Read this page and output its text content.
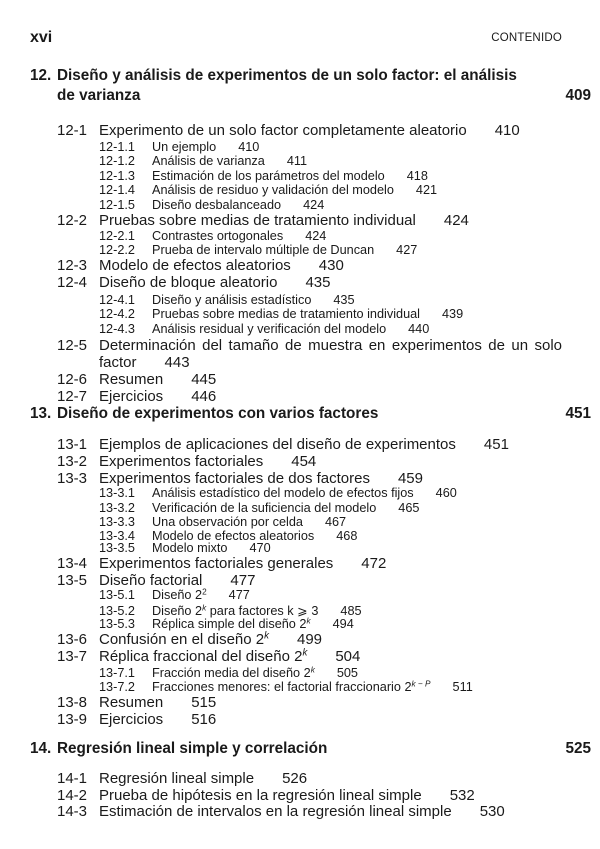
xvi	CONTENIDO
12. Diseño y análisis de experimentos de un solo factor: el análisis
de varianza	409
12-1 Experimento de un solo factor completamente aleatorio 410
12-1.1 Un ejemplo 410
12-1.2 Análisis de varianza 411
12-1.3 Estimación de los parámetros del modelo 418
12-1.4 Análisis de residuo y validación del modelo 421
12-1.5 Diseño desbalanceado 424
12-2 Pruebas sobre medias de tratamiento individual 424
12-2.1 Contrastes ortogonales 424
12-2.2 Prueba de intervalo múltiple de Duncan 427
12-3 Modelo de efectos aleatorios 430
12-4 Diseño de bloque aleatorio 435
12-4.1 Diseño y análisis estadístico 435
12-4.2 Pruebas sobre medias de tratamiento individual 439
12-4.3 Análisis residual y verificación del modelo 440
12-5 Determinación del tamaño de muestra en experimentos de un solo
factor 443
12-6 Resumen 445
12-7 Ejercicios 446
13. Diseño de experimentos con varios factores	451
13-1 Ejemplos de aplicaciones del diseño de experimentos 451
13-2 Experimentos factoriales 454
13-3 Experimentos factoriales de dos factores 459
13-3.1 Análisis estadístico del modelo de efectos fijos 460
13-3.2 Verificación de la suficiencia del modelo 465
13-3.3 Una observación por celda 467
13-3.4 Modelo de efectos aleatorios 468
13-3.5 Modelo mixto 470
13-4 Experimentos factoriales generales 472
13-5 Diseño factorial 477
13-5.1 Diseño $2^2$ 477
13-5.2 Diseño 2$^k$ para factores k ⩾ 3 485
13-5.3 Réplica simple del diseño 2$^k$ 494
13-6 Confusión en el diseño 2$^k$ 499
13-7 Réplica fraccional del diseño 2$^k$ 504
13-7.1 Fracción media del diseño 2$^k$ 505
13-7.2 Fracciones menores: el factorial fraccionario $2^{k - P}$ 511
13-8 Resumen 515
13-9 Ejercicios 516
14. Regresión lineal simple y correlación	525
14-1 Regresión lineal simple 526
14-2 Prueba de hipótesis en la regresión lineal simple 532
14-3 Estimación de intervalos en la regresión lineal simple 530
